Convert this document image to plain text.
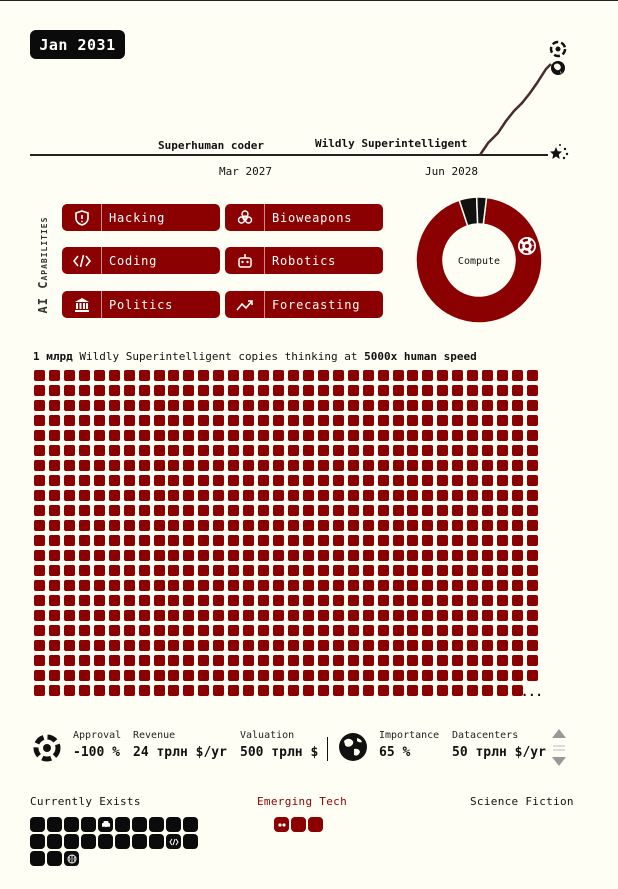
Jan 2031
Superhuman coder	Wildly Superintelligent
Mar 2027	Jun 2028
AI Capabilities	Hacking	Bioweapons
Coding	Robotics
Politics	Forecasting
Compute
1 млрд Wildly Superintelligent copies thinking at 5000x human speed
...
Approval
-100 %
Revenue
24 трлн $/yr
Valuation
500 трлн $
Importance
65 %
Datacenters
50 трлн $/yr
Currently Exists	Emerging Tech	Science Fiction
